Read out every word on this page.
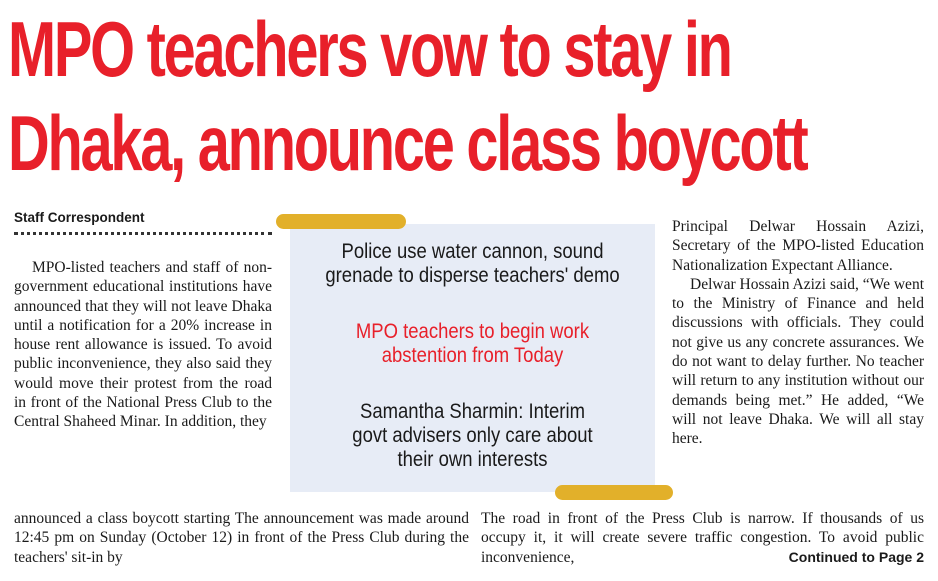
MPO teachers vow to stay in
Dhaka, announce class boycott
Staff Correspondent

MPO-listed teachers and staff of non-government educational institutions have announced that they will not leave Dhaka until a notification for a 20% increase in house rent allowance is issued. To avoid public inconvenience, they also said they would move their protest from the road in front of the National Press Club to the Central Shaheed Minar. In addition, they

Police use water cannon, sound
grenade to disperse teachers' demo
MPO teachers to begin work
abstention from Today
Samantha Sharmin: Interim
govt advisers only care about
their own interests

Principal Delwar Hossain Azizi, Secretary of the MPO-listed Education Nationalization Expectant Alliance.

Delwar Hossain Azizi said, “We went to the Ministry of Finance and held discussions with officials. They could not give us any concrete assurances. We do not want to delay further. No teacher will return to any institution without our demands being met.” He added, “We will not leave Dhaka. We will all stay here.

announced a class boycott starting The announcement was made around 12:45 pm on Sunday (October 12) in front of the Press Club during the teachers' sit-in by

The road in front of the Press Club is narrow. If thousands of us occupy it, it will create severe traffic congestion. To avoid public inconvenience,	Continued to Page 2
